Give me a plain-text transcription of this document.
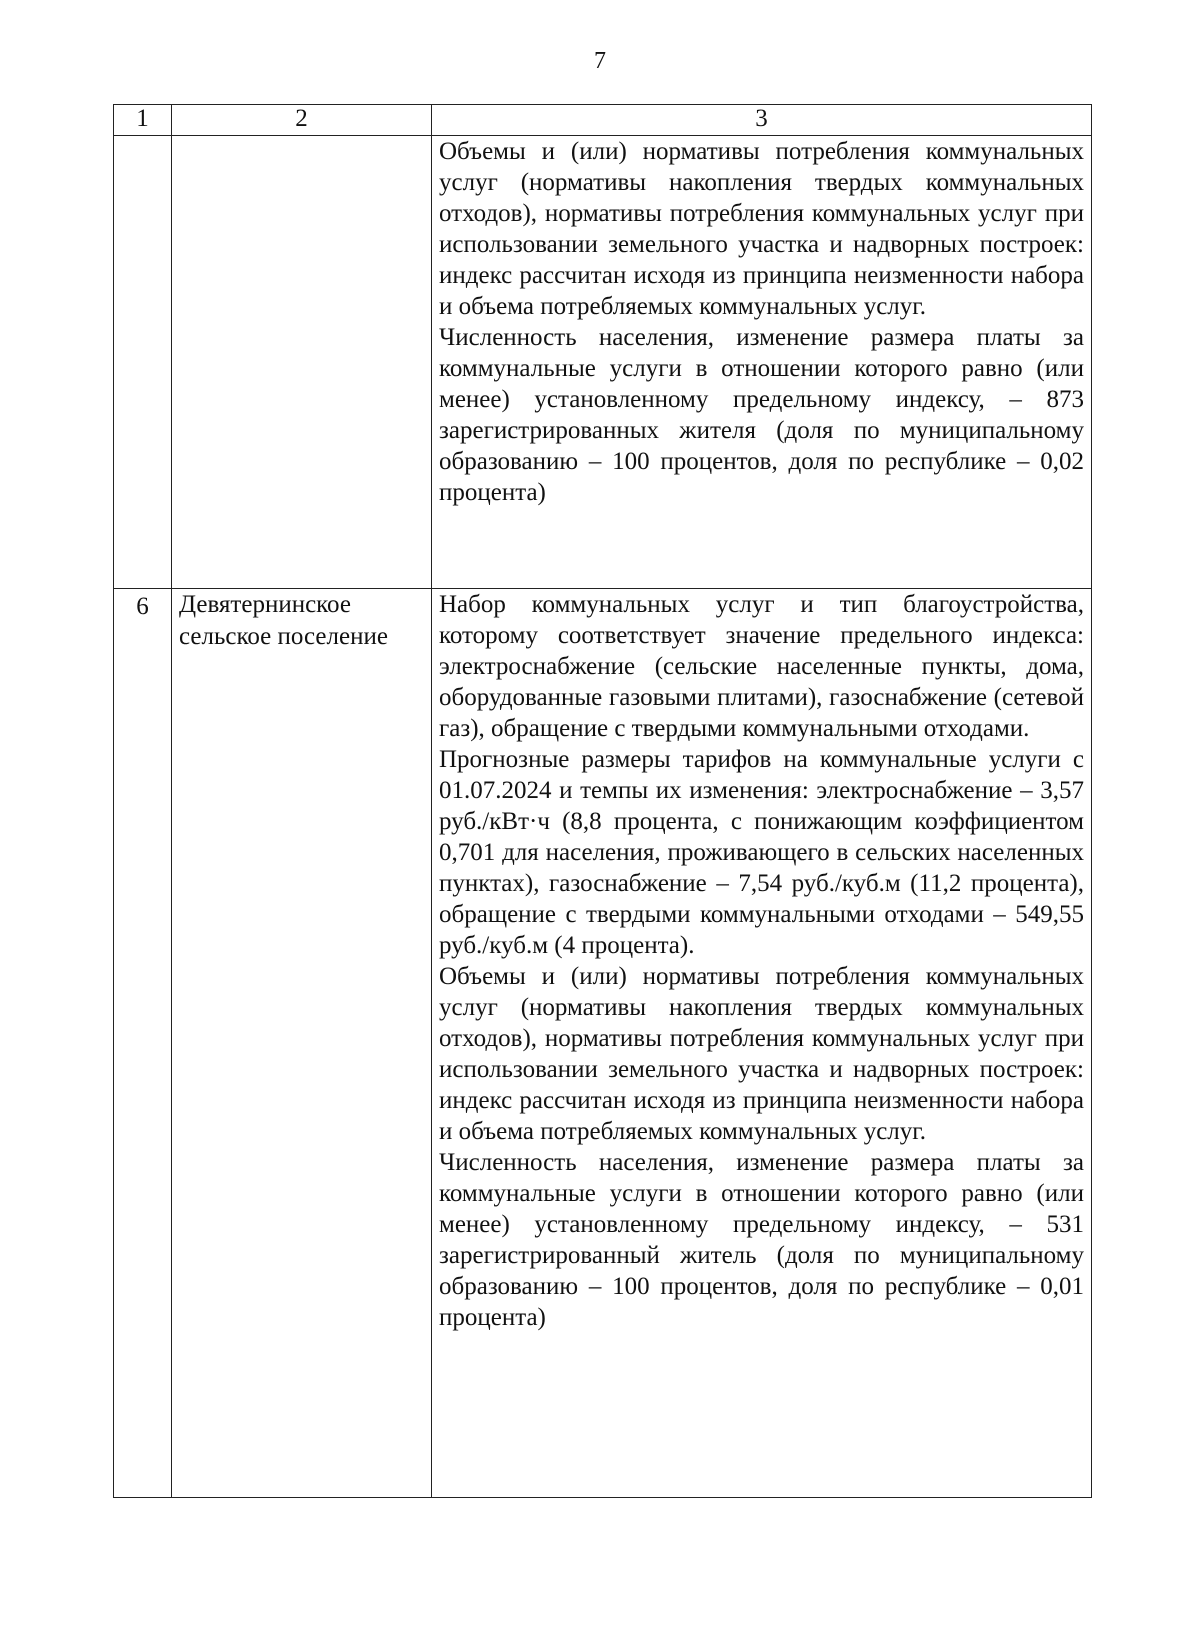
7
1	2	3

		Объемы и (или) нормативы потребления коммунальных услуг (нормативы накопления твердых коммунальных отходов), нормативы потребления коммунальных услуг при использовании земельного участка и надворных построек: индекс рассчитан исходя из принципа неизменности набора и объема потребляемых коммунальных услуг.

Численность населения, изменение размера платы за коммунальные услуги в отношении которого равно (или менее) установленному предельному индексу, – 873 зарегистрированных жителя (доля по муниципальному образованию – 100 процентов, доля по республике – 0,02 процента)

6	Девятернинское сельское поселение	Набор коммунальных услуг и тип благоустройства, которому соответствует значение предельного индекса: электроснабжение (сельские населенные пункты, дома, оборудованные газовыми плитами), газоснабжение (сетевой газ), обращение с твердыми коммунальными отходами.

Прогнозные размеры тарифов на коммунальные услуги с 01.07.2024 и темпы их изменения: электроснабжение – 3,57 руб./кВт·ч (8,8 процента, с понижающим коэффициентом 0,701 для населения, проживающего в сельских населенных пунктах), газоснабжение – 7,54 руб./куб.м (11,2 процента), обращение с твердыми коммунальными отходами – 549,55 руб./куб.м (4 процента).

Объемы и (или) нормативы потребления коммунальных услуг (нормативы накопления твердых коммунальных отходов), нормативы потребления коммунальных услуг при использовании земельного участка и надворных построек: индекс рассчитан исходя из принципа неизменности набора и объема потребляемых коммунальных услуг.

Численность населения, изменение размера платы за коммунальные услуги в отношении которого равно (или менее) установленному предельному индексу, – 531 зарегистрированный житель (доля по муниципальному образованию – 100 процентов, доля по республике – 0,01 процента)
